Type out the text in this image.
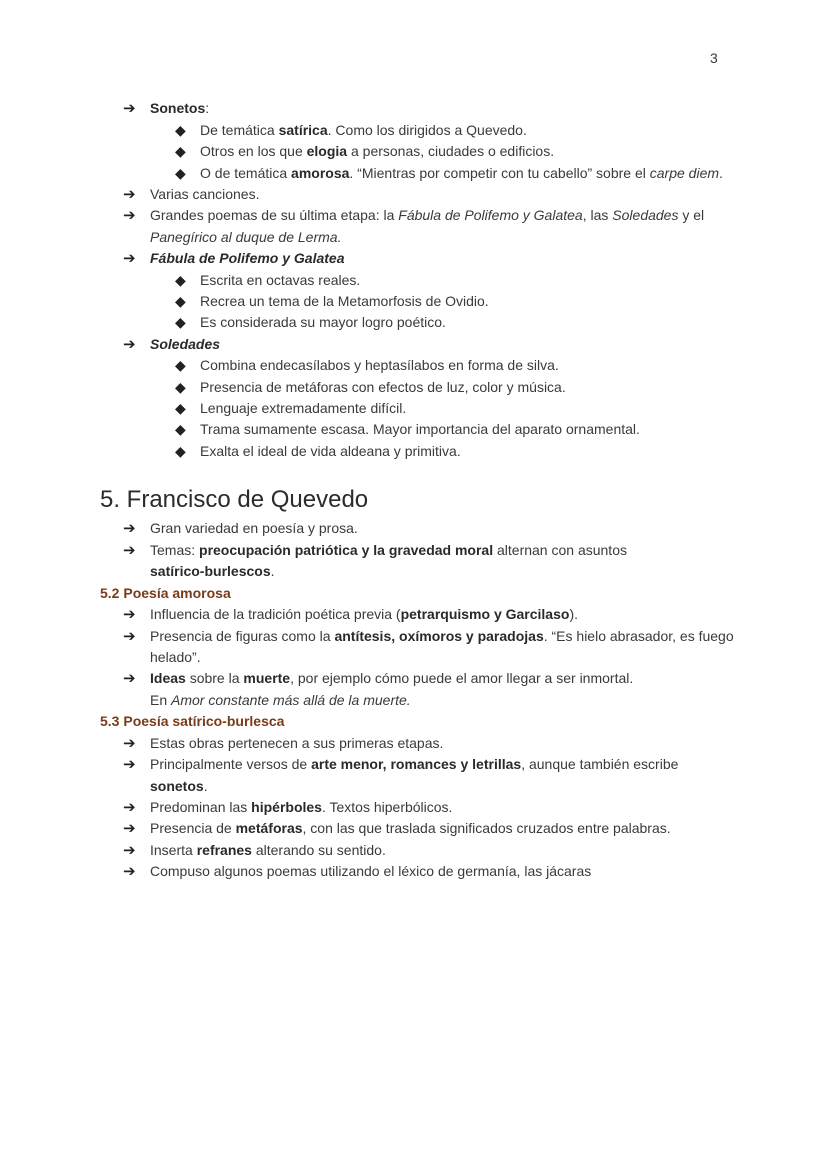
3
➔ Sonetos:
◆ De temática satírica. Como los dirigidos a Quevedo.
◆ Otros en los que elogia a personas, ciudades o edificios.
◆ O de temática amorosa. “Mientras por competir con tu cabello” sobre el carpe diem.
➔ Varias canciones.
➔ Grandes poemas de su última etapa: la Fábula de Polifemo y Galatea, las Soledades y el
Panegírico al duque de Lerma.
➔ Fábula de Polifemo y Galatea
◆ Escrita en octavas reales.
◆ Recrea un tema de la Metamorfosis de Ovidio.
◆ Es considerada su mayor logro poético.
➔ Soledades
◆ Combina endecasílabos y heptasílabos en forma de silva.
◆ Presencia de metáforas con efectos de luz, color y música.
◆ Lenguaje extremadamente difícil.
◆ Trama sumamente escasa. Mayor importancia del aparato ornamental.
◆ Exalta el ideal de vida aldeana y primitiva.
5. Francisco de Quevedo
➔ Gran variedad en poesía y prosa.
➔ Temas: preocupación patriótica y la gravedad moral alternan con asuntos
satírico-burlescos.
5.2 Poesía amorosa
➔ Influencia de la tradición poética previa (petrarquismo y Garcilaso).
➔ Presencia de figuras como la antítesis, oxímoros y paradojas. “Es hielo abrasador, es fuego
helado”.
➔ Ideas sobre la muerte, por ejemplo cómo puede el amor llegar a ser inmortal.
En Amor constante más allá de la muerte.
5.3 Poesía satírico-burlesca
➔ Estas obras pertenecen a sus primeras etapas.
➔ Principalmente versos de arte menor, romances y letrillas, aunque también escribe
sonetos.
➔ Predominan las hipérboles. Textos hiperbólicos.
➔ Presencia de metáforas, con las que traslada significados cruzados entre palabras.
➔ Inserta refranes alterando su sentido.
➔ Compuso algunos poemas utilizando el léxico de germanía, las jácaras
